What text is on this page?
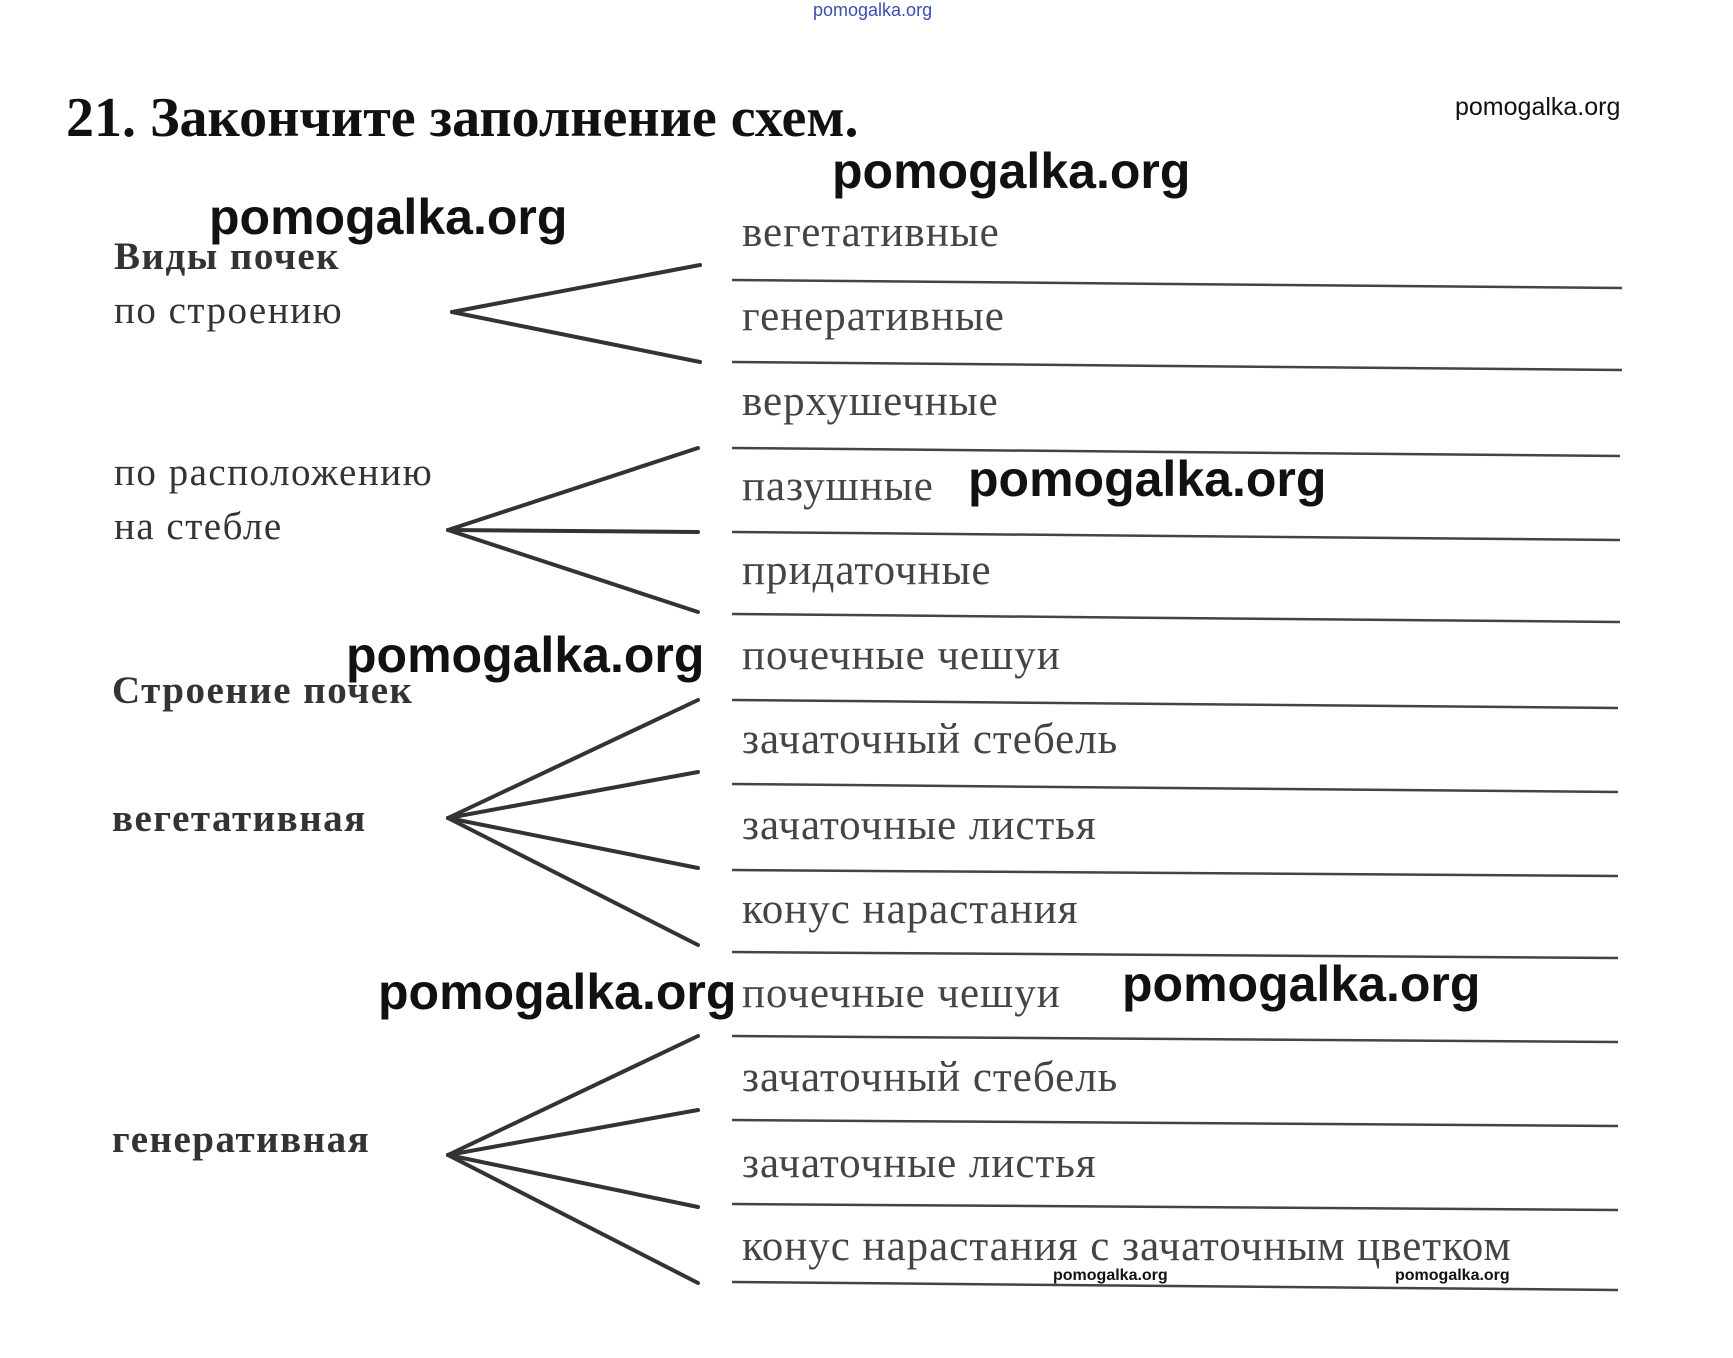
pomogalka.org
21. Закончите заполнение схем.
Виды почек
по строению
по расположению
на стебле
Строение почек
вегетативная
генеративная
вегетативные
генеративные
верхушечные
пазушные
придаточные
почечные чешуи
зачаточный стебель
зачаточные листья
конус нарастания
почечные чешуи
зачаточный стебель
зачаточные листья
конус нарастания с зачаточным цветком
pomogalka.org
pomogalka.org
pomogalka.org
pomogalka.org
pomogalka.org
pomogalka.org	pomogalka.org
pomogalka.org	pomogalka.org
